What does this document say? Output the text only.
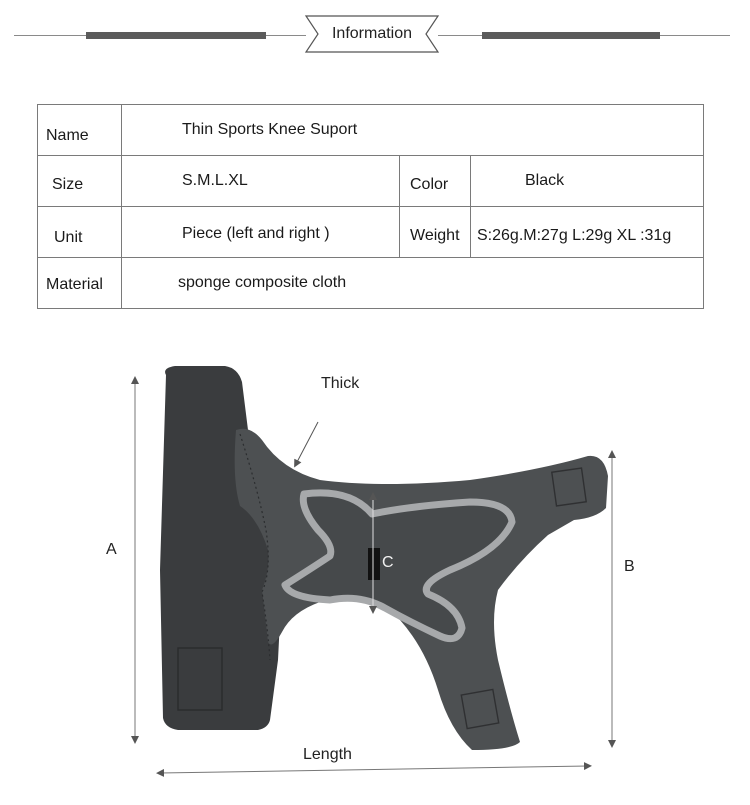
Information
Name	Thin Sports Knee Suport		
Size	S.M.L.XL	Color	Black
Unit	Piece (left and right )	Weight	S:26g.M:27g L:29g XL :31g
Material	sponge composite cloth		
Thick
A
B
C
Length
